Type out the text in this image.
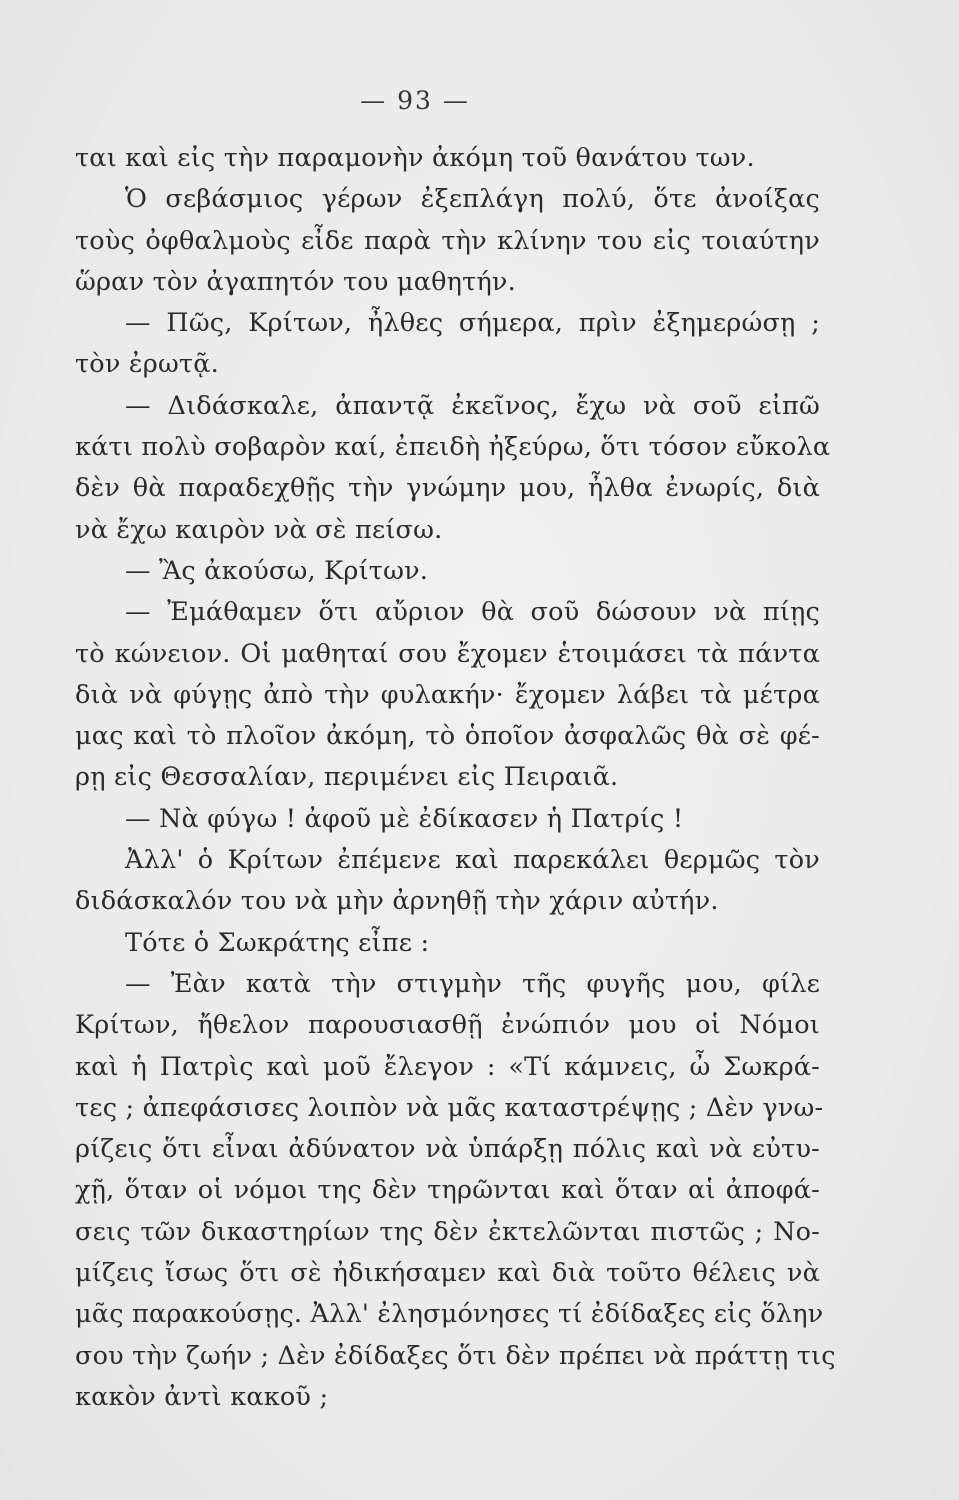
— 93 —
ται καὶ εἰς τὴν παραμονὴν ἀκόμη τοῦ θανάτου των.
Ὁ σεβάσμιος γέρων ἐξεπλάγη πολύ, ὅτε ἀνοίξας
τοὺς ὀφθαλμοὺς εἶδε παρὰ τὴν κλίνην του εἰς τοιαύτην
ὥραν τὸν ἀγαπητόν του μαθητήν.
— Πῶς, Κρίτων, ἦλθες σήμερα, πρὶν ἐξημερώσῃ ;
τὸν ἐρωτᾷ.
— Διδάσκαλε, ἀπαντᾷ ἐκεῖνος, ἔχω νὰ σοῦ εἰπῶ
κάτι πολὺ σοβαρὸν καί, ἐπειδὴ ἠξεύρω, ὅτι τόσον εὔκολα
δὲν θὰ παραδεχθῇς τὴν γνώμην μου, ἦλθα ἐνωρίς, διὰ
νὰ ἔχω καιρὸν νὰ σὲ πείσω.
— Ἂς ἀκούσω, Κρίτων.
— Ἐμάθαμεν ὅτι αὔριον θὰ σοῦ δώσουν νὰ πίῃς
τὸ κώνειον. Οἱ μαθηταί σου ἔχομεν ἑτοιμάσει τὰ πάντα
διὰ νὰ φύγῃς ἀπὸ τὴν φυλακήν· ἔχομεν λάβει τὰ μέτρα
μας καὶ τὸ πλοῖον ἀκόμη, τὸ ὁποῖον ἀσφαλῶς θὰ σὲ φέ-
ρῃ εἰς Θεσσαλίαν, περιμένει εἰς Πειραιᾶ.
— Νὰ φύγω ! ἀφοῦ μὲ ἐδίκασεν ἡ Πατρίς !
Ἀλλ' ὁ Κρίτων ἐπέμενε καὶ παρεκάλει θερμῶς τὸν
διδάσκαλόν του νὰ μὴν ἀρνηθῇ τὴν χάριν αὐτήν.
Τότε ὁ Σωκράτης εἶπε :
— Ἐὰν κατὰ τὴν στιγμὴν τῆς φυγῆς μου, φίλε
Κρίτων, ἤθελον παρουσιασθῇ ἐνώπιόν μου οἱ Νόμοι
καὶ ἡ Πατρὶς καὶ μοῦ ἔλεγον : «Τί κάμνεις, ὦ Σωκρά-
τες ; ἀπεφάσισες λοιπὸν νὰ μᾶς καταστρέψῃς ; Δὲν γνω-
ρίζεις ὅτι εἶναι ἀδύνατον νὰ ὑπάρξῃ πόλις καὶ νὰ εὐτυ-
χῇ, ὅταν οἱ νόμοι της δὲν τηρῶνται καὶ ὅταν αἱ ἀποφά-
σεις τῶν δικαστηρίων της δὲν ἐκτελῶνται πιστῶς ; Νο-
μίζεις ἴσως ὅτι σὲ ἠδικήσαμεν καὶ διὰ τοῦτο θέλεις νὰ
μᾶς παρακούσῃς. Ἀλλ' ἐλησμόνησες τί ἐδίδαξες εἰς ὅλην
σου τὴν ζωήν ; Δὲν ἐδίδαξες ὅτι δὲν πρέπει νὰ πράττῃ τις
κακὸν ἀντὶ κακοῦ ;
